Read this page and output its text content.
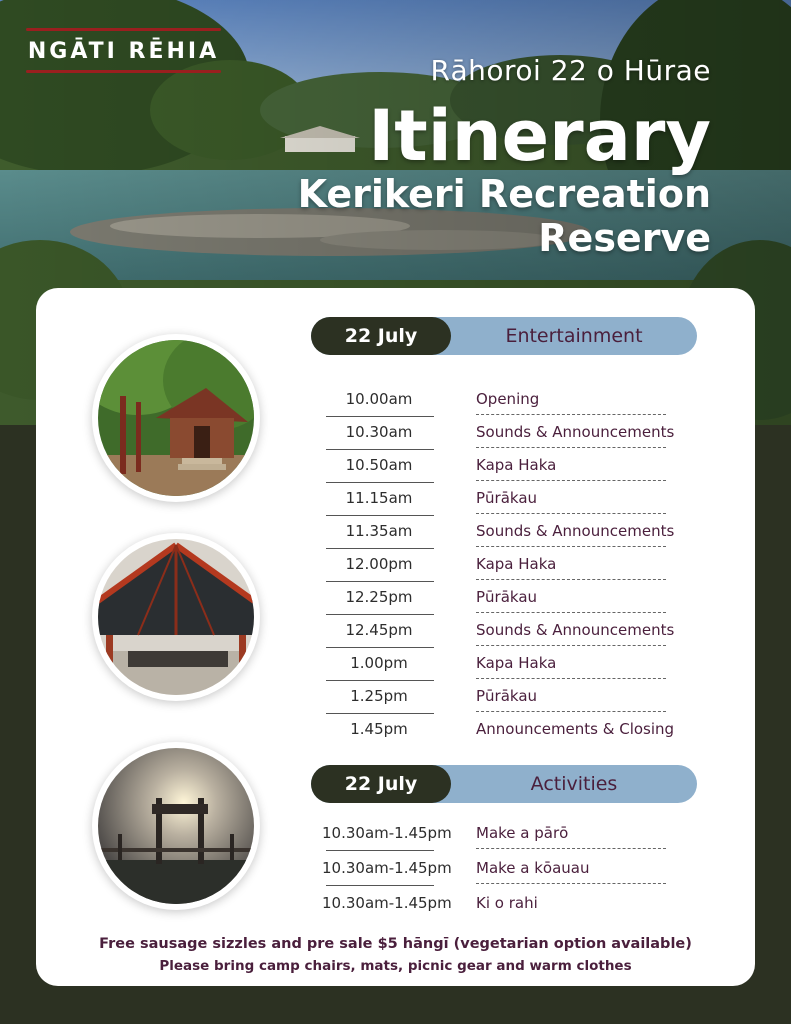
NGĀTI RĒHIA
Rāhoroi 22 o Hūrae
Itinerary
Kerikeri Recreation Reserve
22 July	Entertainment
10.00am	Opening
10.30am	Sounds & Announcements
10.50am	Kapa Haka
11.15am	Pūrākau
11.35am	Sounds & Announcements
12.00pm	Kapa Haka
12.25pm	Pūrākau
12.45pm	Sounds & Announcements
1.00pm	Kapa Haka
1.25pm	Pūrākau
1.45pm	Announcements & Closing
22 July	Activities
10.30am-1.45pm Make a pārō
10.30am-1.45pm Make a kōauau
10.30am-1.45pm Ki o rahi
Free sausage sizzles and pre sale $5 hāngī (vegetarian option available)
Please bring camp chairs, mats, picnic gear and warm clothes
